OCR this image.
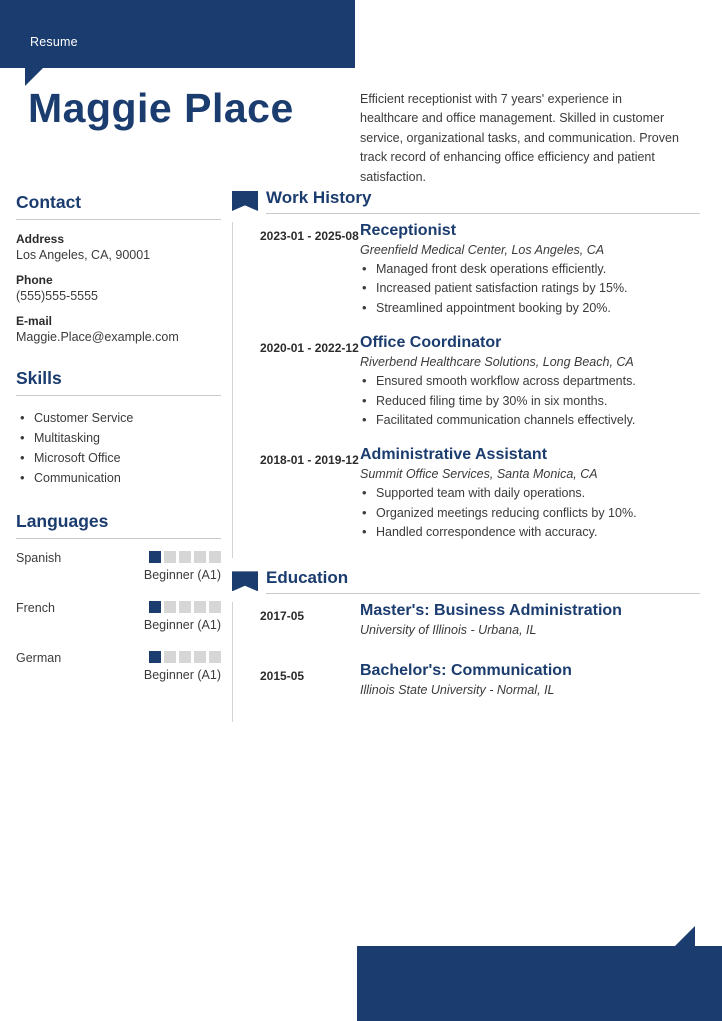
Resume
Maggie Place	Efficient receptionist with 7 years' experience in healthcare and office management. Skilled in customer service, organizational tasks, and communication. Proven track record of enhancing office efficiency and patient satisfaction.
Contact
Address
Los Angeles, CA, 90001
Phone
(555)555-5555
E-mail
Maggie.Place@example.com
Skills
• Customer Service
• Multitasking
• Microsoft Office
• Communication
Languages
Spanish
Beginner (A1)
French
Beginner (A1)
German
Beginner (A1)
Work History
2023-01 - 2025-08 Receptionist
Greenfield Medical Center, Los Angeles, CA
• Managed front desk operations efficiently.
• Increased patient satisfaction ratings by 15%.
• Streamlined appointment booking by 20%.
2020-01 - 2022-12 Office Coordinator
Riverbend Healthcare Solutions, Long Beach, CA
• Ensured smooth workflow across departments.
• Reduced filing time by 30% in six months.
• Facilitated communication channels effectively.
2018-01 - 2019-12 Administrative Assistant
Summit Office Services, Santa Monica, CA
• Supported team with daily operations.
• Organized meetings reducing conflicts by 10%.
• Handled correspondence with accuracy.
Education
2017-05	Master's: Business Administration
University of Illinois - Urbana, IL
2015-05	Bachelor's: Communication
Illinois State University - Normal, IL
